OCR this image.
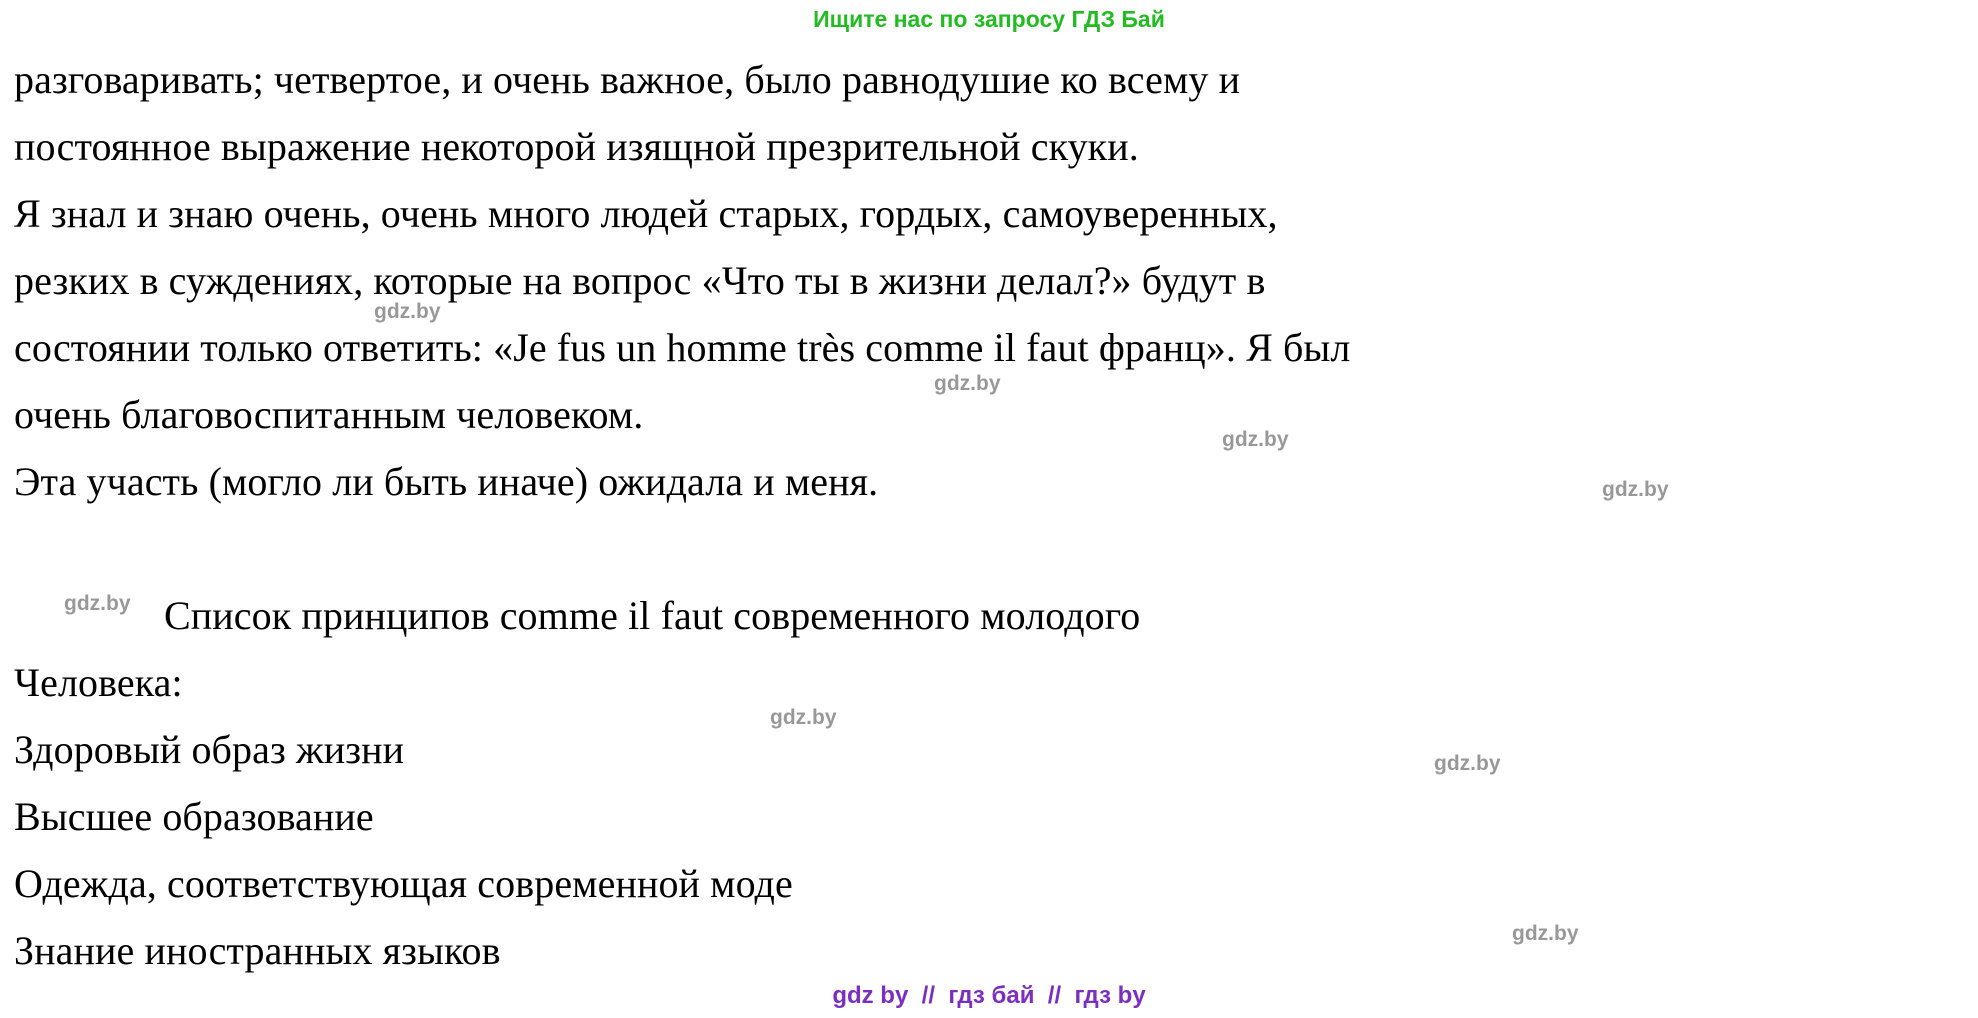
Ищите нас по запросу ГДЗ Бай
разговаривать; четвертое, и очень важное, было равнодушие ко всему и
постоянное выражение некоторой изящной презрительной скуки.
Я знал и знаю очень, очень много людей старых, гордых, самоуверенных,
резких в суждениях, которые на вопрос «Что ты в жизни делал?» будут в
состоянии только ответить: «Je fus un homme très comme il faut франц». Я был
очень благовоспитанным человеком.
Эта участь (могло ли быть иначе) ожидала и меня.
Список принципов comme il faut современного молодого
Человека:
Здоровый образ жизни
Высшее образование
Одежда, соответствующая современной моде
Знание иностранных языков
gdz.by
gdz.by
gdz.by
gdz.by
gdz.by
gdz.by
gdz.by
gdz.by
gdz by  //  гдз бай  //  гдз by
